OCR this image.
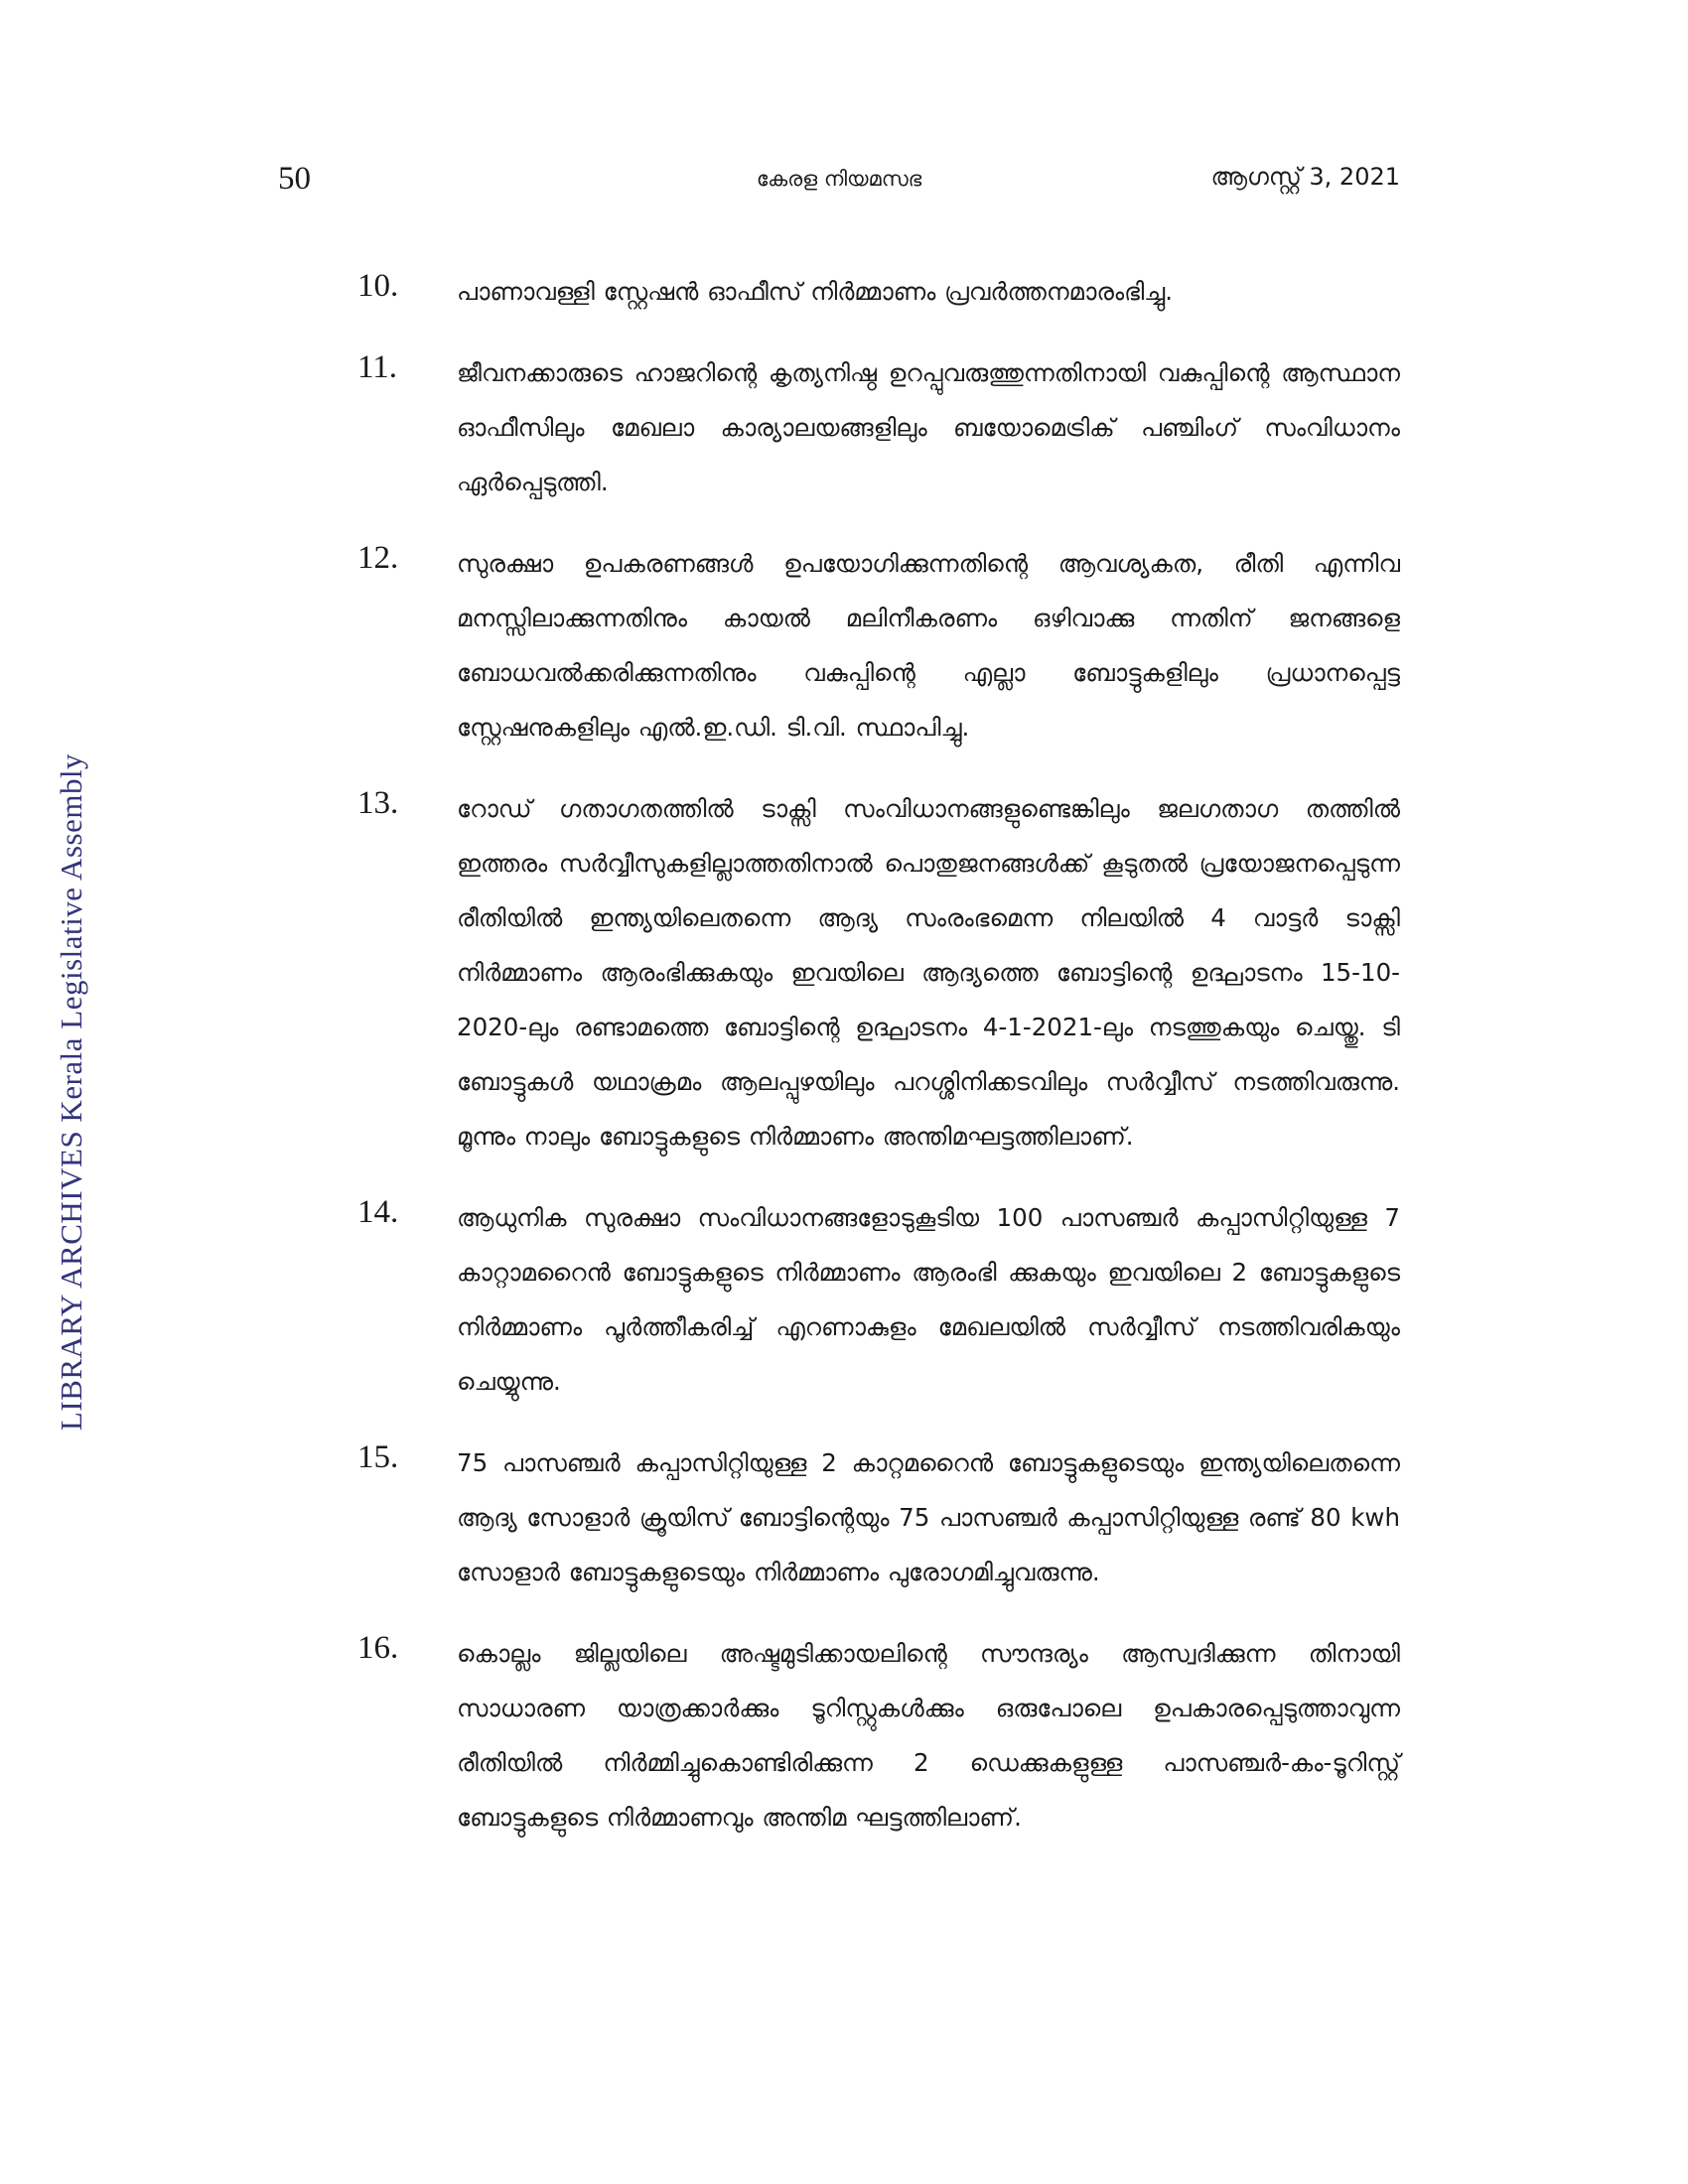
LIBRARY ARCHIVES Kerala Legislative Assembly
50	കേരള നിയമസഭ	ആഗസ്റ്റ് 3, 2021
10. പാണാവള്ളി സ്റ്റേഷൻ ഓഫീസ് നിർമ്മാണം പ്രവർത്തനമാരംഭിച്ചു.
11. ജീവനക്കാരുടെ ഹാജറിന്റെ കൃത്യനിഷ്ഠ ഉറപ്പുവരുത്തുന്നതിനായി വകുപ്പിന്റെ ആസ്ഥാന ഓഫീസിലും മേഖലാ കാര്യാലയങ്ങളിലും ബയോമെട്രിക് പഞ്ചിംഗ് സംവിധാനം ഏർപ്പെടുത്തി.
12. സുരക്ഷാ ഉപകരണങ്ങൾ ഉപയോഗിക്കുന്നതിന്റെ ആവശ്യകത, രീതി എന്നിവ മനസ്സിലാക്കുന്നതിനും കായൽ മലിനീകരണം ഒഴിവാക്കു ന്നതിന് ജനങ്ങളെ ബോധവൽക്കരിക്കുന്നതിനും വകുപ്പിന്റെ എല്ലാ ബോട്ടുകളിലും പ്രധാനപ്പെട്ട സ്റ്റേഷനുകളിലും എൽ.ഇ.ഡി. ടി.വി. സ്ഥാപിച്ചു.
13. റോഡ് ഗതാഗതത്തിൽ ടാക്സി സംവിധാനങ്ങളുണ്ടെങ്കിലും ജലഗതാഗ തത്തിൽ ഇത്തരം സർവ്വീസുകളില്ലാത്തതിനാൽ പൊതുജനങ്ങൾക്ക് കൂടുതൽ പ്രയോജനപ്പെടുന്ന രീതിയിൽ ഇന്ത്യയിലെതന്നെ ആദ്യ സംരംഭമെന്ന നിലയിൽ 4 വാട്ടർ ടാക്സി നിർമ്മാണം ആരംഭിക്കുകയും ഇവയിലെ ആദ്യത്തെ ബോട്ടിന്റെ ഉദ്ഘാടനം 15-10-2020-ലും രണ്ടാമത്തെ ബോട്ടിന്റെ ഉദ്ഘാടനം 4-1-2021-ലും നടത്തുകയും ചെയ്തു. ടി ബോട്ടുകൾ യഥാക്രമം ആലപ്പുഴയിലും പറശ്ശിനിക്കടവിലും സർവ്വീസ് നടത്തിവരുന്നു. മൂന്നും നാലും ബോട്ടുകളുടെ നിർമ്മാണം അന്തിമഘട്ടത്തിലാണ്.
14. ആധുനിക സുരക്ഷാ സംവിധാനങ്ങളോടുകൂടിയ 100 പാസഞ്ചർ കപ്പാസിറ്റിയുള്ള 7 കാറ്റാമറൈൻ ബോട്ടുകളുടെ നിർമ്മാണം ആരംഭി ക്കുകയും ഇവയിലെ 2 ബോട്ടുകളുടെ നിർമ്മാണം പൂർത്തീകരിച്ച് എറണാകുളം മേഖലയിൽ സർവ്വീസ് നടത്തിവരികയും ചെയ്യുന്നു.
15. 75 പാസഞ്ചർ കപ്പാസിറ്റിയുള്ള 2 കാറ്റമറൈൻ ബോട്ടുകളുടെയും ഇന്ത്യയിലെതന്നെ ആദ്യ സോളാർ ക്രൂയിസ് ബോട്ടിന്റെയും 75 പാസഞ്ചർ കപ്പാസിറ്റിയുള്ള രണ്ട് 80 kwh സോളാർ ബോട്ടുകളുടെയും നിർമ്മാണം പുരോഗമിച്ചുവരുന്നു.
16. കൊല്ലം ജില്ലയിലെ അഷ്ടമുടിക്കായലിന്റെ സൗന്ദര്യം ആസ്വദിക്കുന്ന തിനായി സാധാരണ യാത്രക്കാർക്കും ടൂറിസ്റ്റുകൾക്കും ഒരുപോലെ ഉപകാരപ്പെടുത്താവുന്ന രീതിയിൽ നിർമ്മിച്ചുകൊണ്ടിരിക്കുന്ന 2 ഡെക്കുകളുള്ള പാസഞ്ചർ-കം-ടൂറിസ്റ്റ് ബോട്ടുകളുടെ നിർമ്മാണവും അന്തിമ ഘട്ടത്തിലാണ്.
